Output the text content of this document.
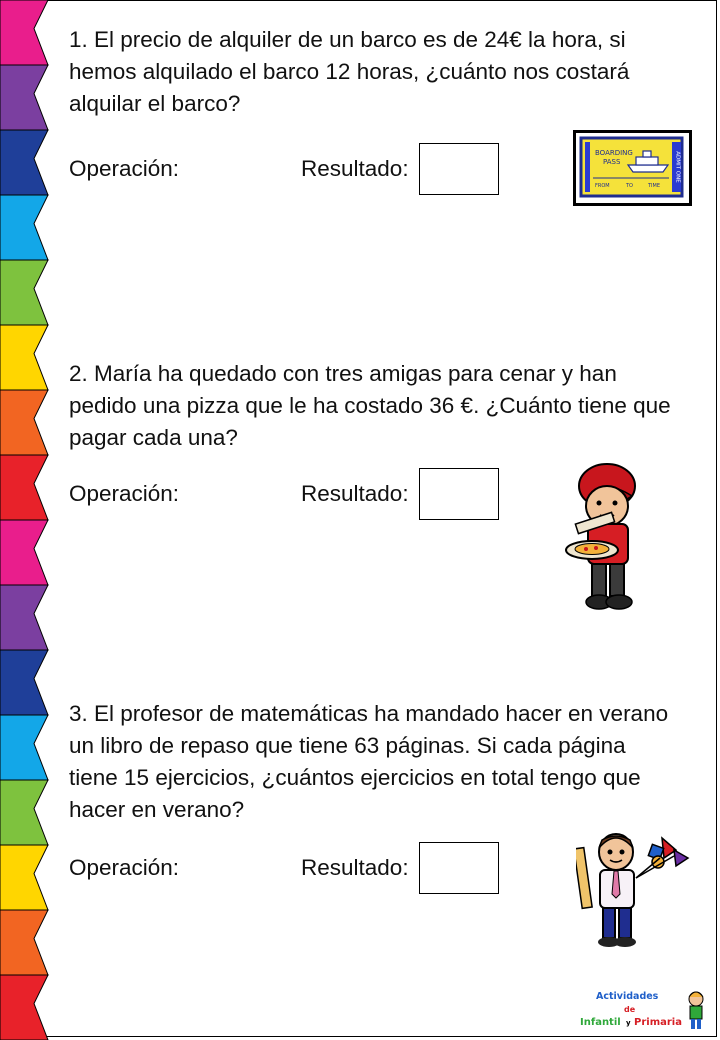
1. El precio de alquiler de un barco es de 24€ la hora, si hemos alquilado el barco 12 horas, ¿cuánto nos costará alquilar el barco?
Operación:	Resultado:	ADMIT ONE
BOARDING
PASS
FROM	TO	TIME
2. María ha quedado con tres amigas para cenar y han pedido una pizza que le ha costado 36 €. ¿Cuánto tiene que pagar cada una?
Operación:	Resultado:
3. El profesor de matemáticas ha mandado hacer en verano un libro de repaso que tiene 63 páginas. Si cada página tiene 15 ejercicios, ¿cuántos ejercicios en total tengo que hacer en verano?
Operación:	Resultado:
Actividades
de
Infantil y Primaria
